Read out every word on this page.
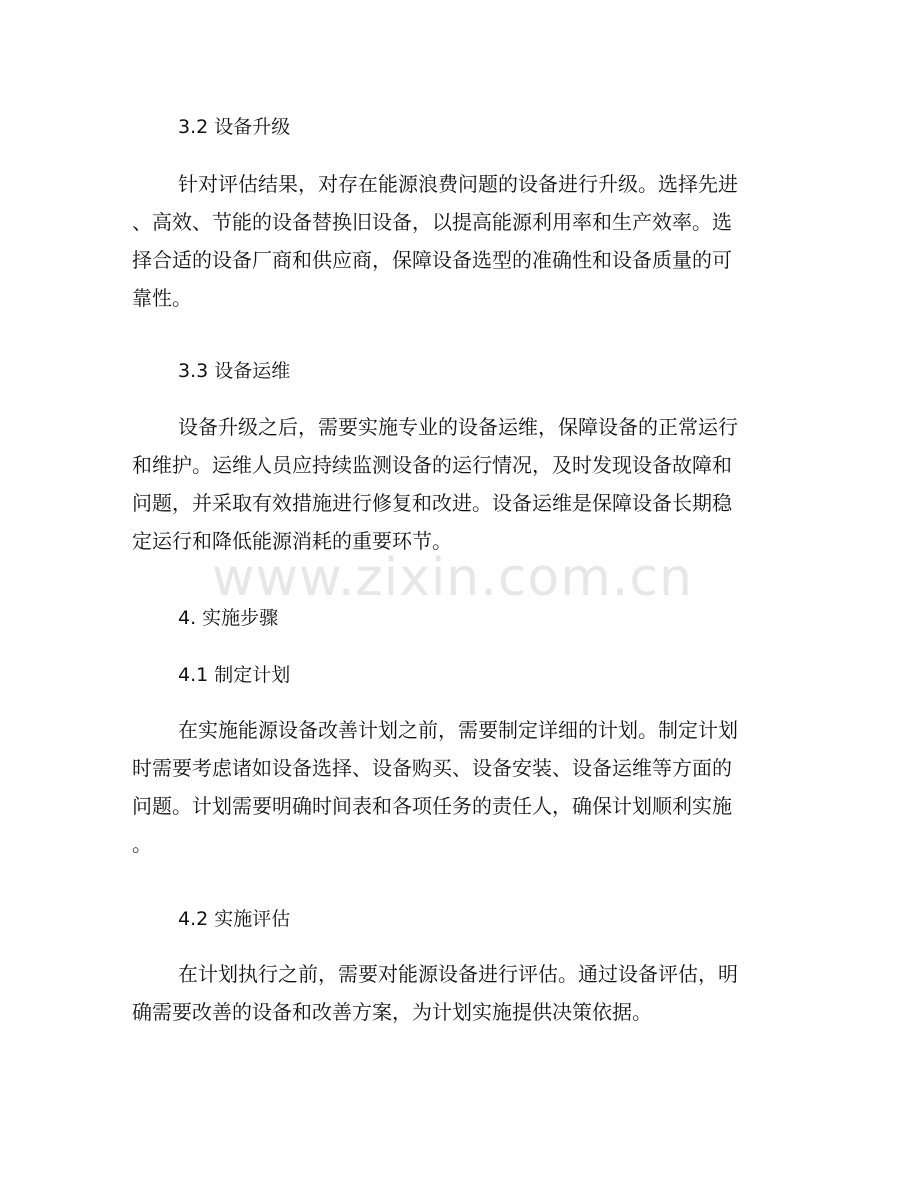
3.2 设备升级
针对评估结果，对存在能源浪费问题的设备进行升级。选择先进
、高效、节能的设备替换旧设备，以提高能源利用率和生产效率。选
择合适的设备厂商和供应商，保障设备选型的准确性和设备质量的可
靠性。
3.3 设备运维
设备升级之后，需要实施专业的设备运维，保障设备的正常运行
和维护。运维人员应持续监测设备的运行情况，及时发现设备故障和
问题，并采取有效措施进行修复和改进。设备运维是保障设备长期稳
定运行和降低能源消耗的重要环节。
4. 实施步骤
4.1 制定计划
在实施能源设备改善计划之前，需要制定详细的计划。制定计划
时需要考虑诸如设备选择、设备购买、设备安装、设备运维等方面的
问题。计划需要明确时间表和各项任务的责任人，确保计划顺利实施
。
4.2 实施评估
在计划执行之前，需要对能源设备进行评估。通过设备评估，明
确需要改善的设备和改善方案，为计划实施提供决策依据。
www.zixin.com.cn
